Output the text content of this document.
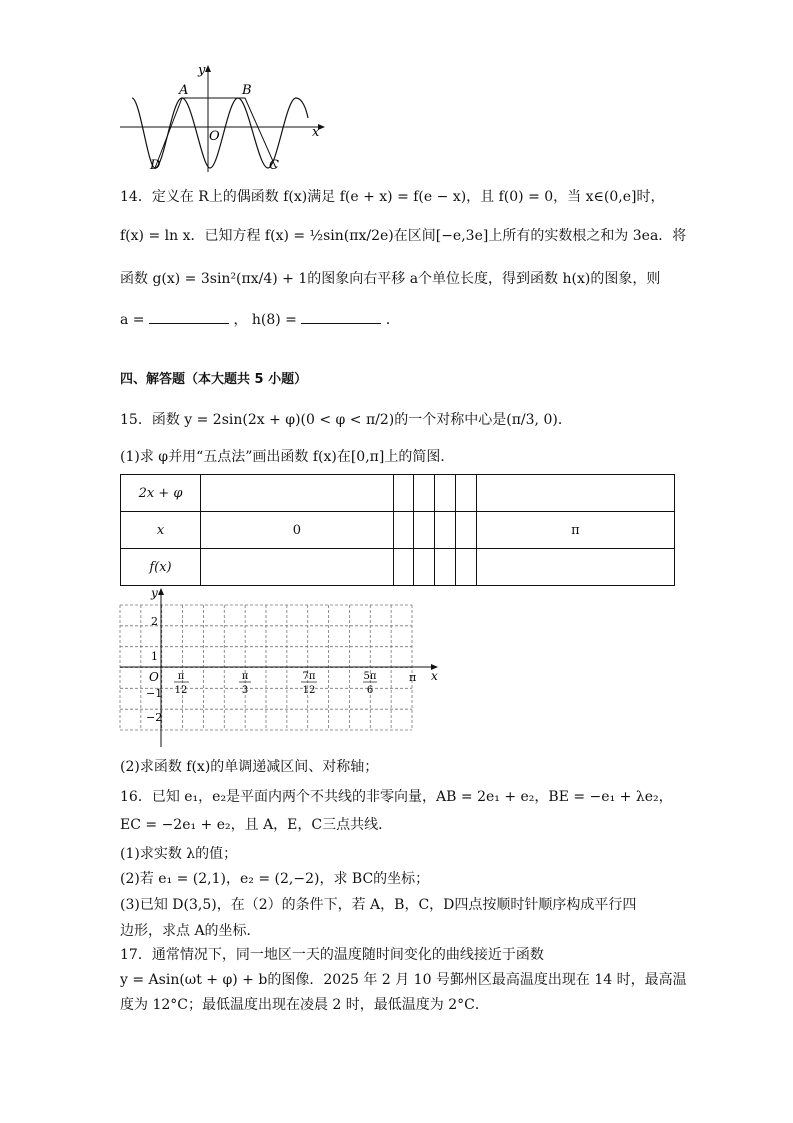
y
x
A	B
O
D	C
14．定义在 R上的偶函数 f(x)满足 f(e + x) = f(e − x)，且 f(0) = 0，当 x∈(0,e]时，
f(x) = ln x．已知方程 f(x) = ½sin(πx/2e)在区间[−e,3e]上所有的实数根之和为 3ea．将
函数 g(x) = 3sin²(πx/4) + 1的图象向右平移 a个单位长度，得到函数 h(x)的图象，则
a =	， h(8) =	．
四、解答题（本大题共 5 小题）
15．函数 y = 2sin(2x + φ)(0 < φ < π/2)的一个对称中心是(π/3, 0)．
(1)求 φ并用“五点法”画出函数 f(x)在[0,π]上的简图．
2x + φ						
x	0					π
f(x)						
y
x
O
2
1
−1
−2
π
12
π
3
7π
12
5π
6
π
(2)求函数 f(x)的单调递减区间、对称轴；
16．已知 e₁，e₂是平面内两个不共线的非零向量，AB = 2e₁ + e₂，BE = −e₁ + λe₂，
EC = −2e₁ + e₂，且 A，E，C三点共线．
(1)求实数 λ的值；
(2)若 e₁ = (2,1)，e₂ = (2,−2)，求 BC的坐标；
(3)已知 D(3,5)，在（2）的条件下，若 A，B，C，D四点按顺时针顺序构成平行四
边形，求点 A的坐标．
17．通常情况下，同一地区一天的温度随时间变化的曲线接近于函数
y = Asin(ωt + φ) + b的图像．2025 年 2 月 10 号鄞州区最高温度出现在 14 时，最高温
度为 12°C；最低温度出现在凌晨 2 时，最低温度为 2°C．
